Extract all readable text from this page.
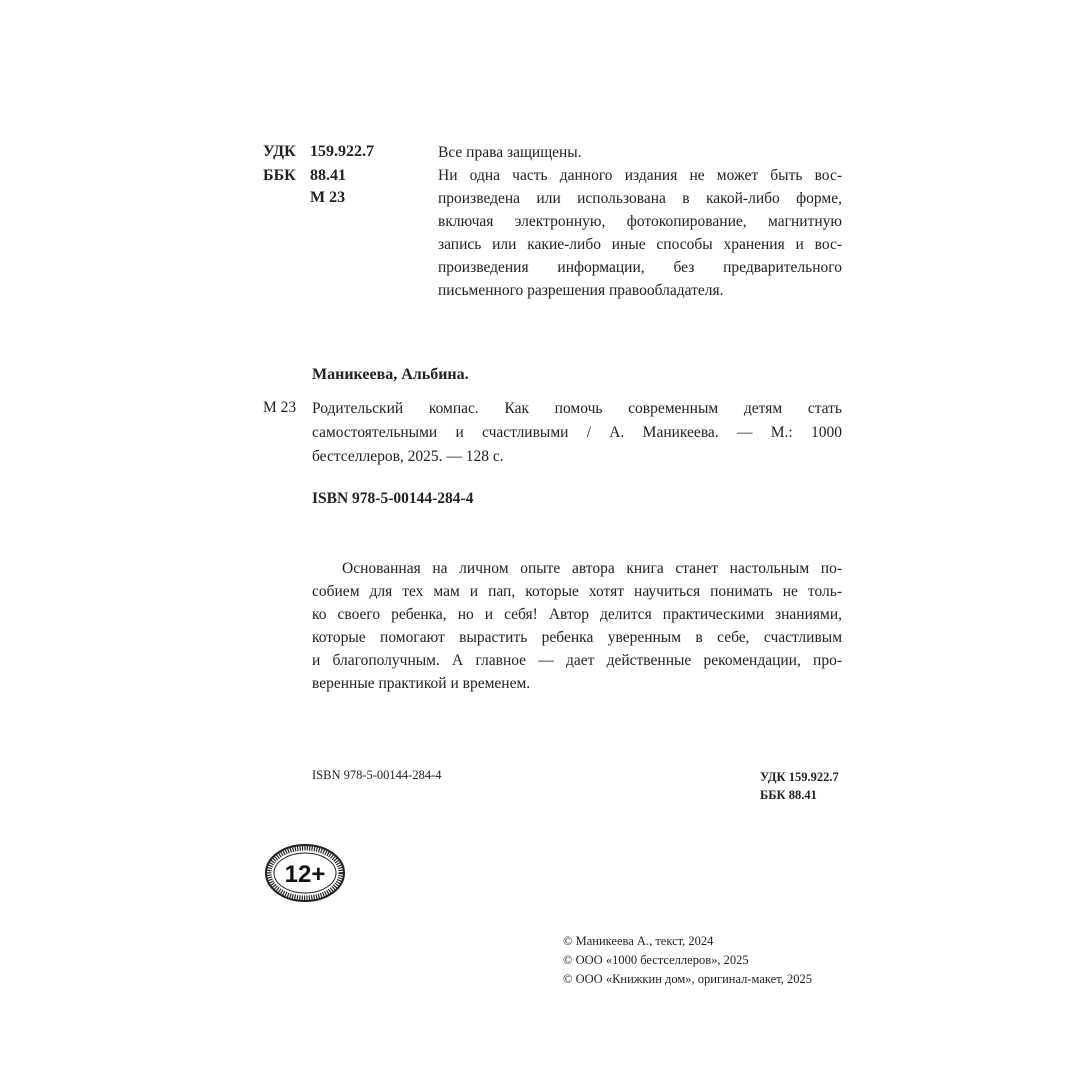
УДК 159.922.7
ББК 88.41
М 23
Все права защищены.
Ни одна часть данного издания не может быть вос-
произведена или использована в какой-либо форме,
включая электронную, фотокопирование, магнитную
запись или какие-либо иные способы хранения и вос-
произведения информации, без предварительного
письменного разрешения правообладателя.
Маникеева, Альбина.
М 23 Родительский компас. Как помочь современным детям стать
самостоятельными и счастливыми / А. Маникеева. — М.: 1000
бестселлеров, 2025. — 128 с.
ISBN 978-5-00144-284-4
Основанная на личном опыте автора книга станет настольным по-
собием для тех мам и пап, которые хотят научиться понимать не толь-
ко своего ребенка, но и себя! Автор делится практическими знаниями,
которые помогают вырастить ребенка уверенным в себе, счастливым
и благополучным. А главное — дает действенные рекомендации, про-
веренные практикой и временем.
ISBN 978-5-00144-284-4	УДК 159.922.7
ББК 88.41
12+
© Маникеева А., текст, 2024
© ООО «1000 бестселлеров», 2025
© ООО «Книжкин дом», оригинал-макет, 2025
